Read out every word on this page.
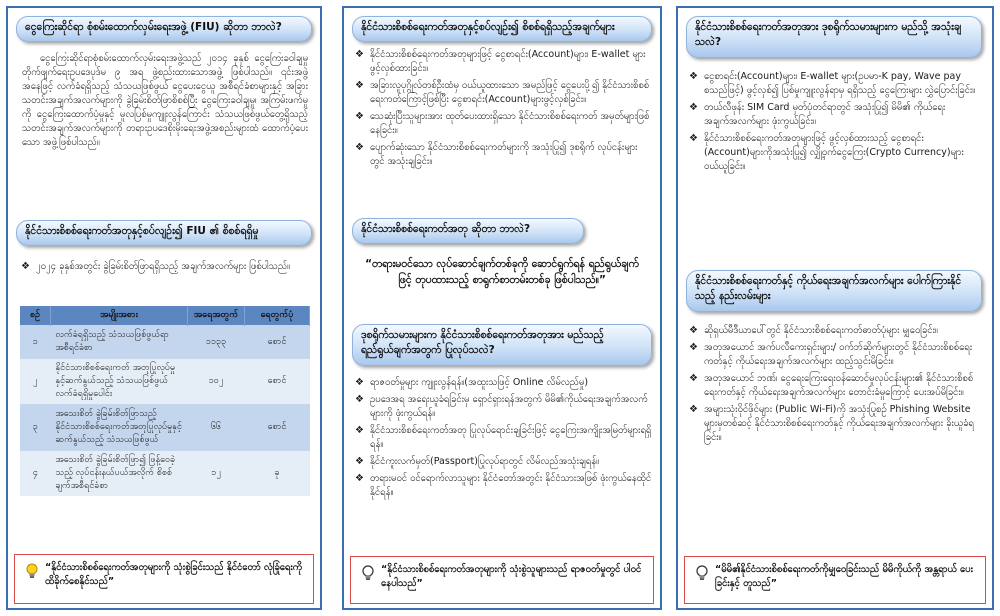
ငွေကြေးဆိုင်ရာ စုံစမ်းထောက်လှမ်းရေးအဖွဲ့ (FIU) ဆိုတာ ဘာလဲ?
ငွေကြေးဆိုင်ရာစုံစမ်းထောက်လှမ်းရေးအဖွဲ့သည် ၂၀၁၄ ခုနှစ် ငွေကြေးခဝါချမှုတိုက်ဖျက်ရေးဥပဒေပုဒ်မ ၉ အရ ဖွဲ့စည်းထားသောအဖွဲ့ ဖြစ်ပါသည်။ ၎င်းအဖွဲ့အနေဖြင့် လက်ခံရရှိသည့် သံသယဖြစ်ဖွယ် ငွေပေးငွေယူ အစီရင်ခံစာများနှင့် အခြားသတင်းအချက်အလက်များကို ခွဲခြမ်းစိတ်ဖြာစိစစ်ပြီး ငွေကြေးခဝါချမှု၊ အကြမ်းဖက်မှုကို ငွေကြေးထောက်ပံ့မှုနှင့် မူလပြစ်မှုကျူးလွန်ကြောင်း သံသယဖြစ်ဖွယ်တွေ့ရှိသည့် သတင်းအချက်အလက်များကို တရားဥပဒေစိုးမိုးရေးအဖွဲ့အစည်းများထံ ထောက်ပံ့ပေးသော အဖွဲ့ဖြစ်ပါသည်။
နိုင်ငံသားစိစစ်ရေးကတ်အတုနှင့်စပ်လျဉ်း၍ FIU ၏ စိစစ်ရရှိမှု
❖ ၂၀၂၄ ခုနှစ်အတွင်း ခွဲခြမ်းစိတ်ဖြာရရှိသည့် အချက်အလက်များ ဖြစ်ပါသည်။
စဉ်	အမျိုးအစား	အရေအတွက်	ရေတွက်ပုံ
၁	လက်ခံရရှိသည့် သံသယဖြစ်ဖွယ်ရာ အစီရင်ခံစာ	၁၁၃၃	စောင်
၂	နိုင်ငံသားစိစစ်ရေးကတ် အတုပြုလုပ်မှုနှင့်ဆက်နွယ်သည့် သံသယဖြစ်ဖွယ် လက်ခံရရှိမှုပေါင်း	၁၀၂	စောင်
၃	အသေးစိတ် ခွဲခြမ်းစိတ်ဖြာသည့် နိုင်ငံသားစိစစ်ရေးကတ်အတုပြုလုပ်မှုနှင့် ဆက်နွယ်သည့် သံသယဖြစ်ဖွယ်	၆၆	စောင်
၄	အသေးစိတ် ခွဲခြမ်းစိတ်ဖြာ၍ ဖြန့်ဝေခဲ့သည့် လုပ်ငန်းနယ်ပယ်အလိုက် စိစစ်ချက်အစီရင်ခံစာ	၁၂	ခု
“နိုင်ငံသားစိစစ်ရေးကတ်အတုများကို သုံးစွဲခြင်းသည် နိုင်ငံတော် လုံခြုံရေးကို ထိခိုက်စေနိုင်သည်”
နိုင်ငံသားစိစစ်ရေးကတ်အတုနှင့်စပ်လျဉ်း၍ စိစစ်ရရှိသည့်အချက်များ
❖ နိုင်ငံသားစိစစ်ရေးကတ်အတုများဖြင့် ငွေစာရင်း(Account)များ၊ E-wallet များ ဖွင့်လှစ်ထားခြင်း။
❖ အခြားလူပုဂ္ဂိုလ်တစ်ဦးထံမှ ဝယ်ယူထားသော အမည်ဖြင့် ငွေပေးပို့၍ နိုင်ငံသားစိစစ်ရေးကတ်ကြောင့်ဖြစ်ပြီး ငွေစာရင်း(Account)များဖွင့်လှစ်ခြင်း။
❖ သေဆုံးပြီးသူများအား ထုတ်ပေးထားရှိသော နိုင်ငံသားစိစစ်ရေးကတ် အမှတ်များဖြစ်နေခြင်း။
❖ ပျောက်ဆုံးသော နိုင်ငံသားစိစစ်ရေးကတ်များကို အသုံးပြု၍ ဒုစရိုက် လုပ်ငန်းများတွင် အသုံးချခြင်း။
နိုင်ငံသားစိစစ်ရေးကတ်အတု ဆိုတာ ဘာလဲ?
“တရားမဝင်သော လုပ်ဆောင်ချက်တစ်ခုကို ဆောင်ရွက်ရန် ရည်ရွယ်ချက်ဖြင့် တုပထားသည့် စာရွက်စာတမ်းတစ်ခု ဖြစ်ပါသည်။”
ဒုစရိုက်သမားများက နိုင်ငံသားစိစစ်ရေးကတ်အတုအား မည်သည့် ရည်ရွယ်ချက်အတွက် ပြုလုပ်သလဲ?
❖ ရာဇဝတ်မှုများ ကျူးလွန်ရန်။(အထူးသဖြင့် Online လိမ်လည်မှု)
❖ ဥပဒေအရ အရေးယူခံရခြင်းမှ ရှောင်ရှားရန်အတွက် မိမိ၏ကိုယ်ရေးအချက်အလက်များကို ဖုံးကွယ်ရန်။
❖ နိုင်ငံသားစိစစ်ရေးကတ်အတု ပြုလုပ်ရောင်းချခြင်းဖြင့် ငွေကြေးအကျိုးအမြတ်များရရှိရန်။
❖ နိုင်ငံကူးလက်မှတ်(Passport)ပြုလုပ်ရာတွင် လိမ်လည်အသုံးချရန်။
❖ တရားမဝင် ဝင်ရောက်လာသူများ နိုင်ငံတော်အတွင်း နိုင်ငံသားအဖြစ် ဖုံးကွယ်နေထိုင်နိုင်ရန်။
“နိုင်ငံသားစိစစ်ရေးကတ်အတုများကို သုံးစွဲသူများသည် ရာဇဝတ်မှုတွင် ပါဝင်နေပါသည်”
နိုင်ငံသားစိစစ်ရေးကတ်အတုအား ဒုစရိုက်သမားများက မည်သို့ အသုံးချသလဲ?
❖ ငွေစာရင်း(Account)များ၊ E-wallet များ(ဥပမာ-K pay, Wave pay စသည်ဖြင့်) ဖွင့်လှစ်၍ ပြစ်မှုကျူးလွန်ရာမှ ရရှိသည့် ငွေကြေးများ လွှဲပြောင်းခြင်း။
❖ တယ်လီဖုန်း SIM Card မှတ်ပုံတင်ရာတွင် အသုံးပြု၍ မိမိ၏ ကိုယ်ရေးအချက်အလက်များ ဖုံးကွယ်ခြင်း။
❖ နိုင်ငံသားစိစစ်ရေးကတ်အတုများဖြင့် ဖွင့်လှစ်ထားသည့် ငွေစာရင်း (Account)များကိုအသုံးပြု၍ လျှို့ဝှက်ငွေကြေး(Crypto Currency)များ ဝယ်ယူခြင်း။
နိုင်ငံသားစိစစ်ရေးကတ်နှင့် ကိုယ်ရေးအချက်အလက်များ ပေါက်ကြားနိုင်သည့် နည်းလမ်းများ
❖ ဆိုရှယ်မီဒီယာပေါ်တွင် နိုင်ငံသားစိစစ်ရေးကတ်ဓာတ်ပုံများ မျှဝေခြင်း။
❖ အတုအယောင် အက်ပလီကေးရှင်းများ/ ဝက်ဘ်ဆိုက်များတွင် နိုင်ငံသားစိစစ်ရေးကတ်နှင့် ကိုယ်ရေးအချက်အလက်များ ထည့်သွင်းမိခြင်း။
❖ အတုအယောင် ဘဏ်၊ ငွေရေးကြေးရေးဝန်ဆောင်မှုလုပ်ငန်းများ၏ နိုင်ငံသားစိစစ်ရေးကတ်နှင့် ကိုယ်ရေးအချက်အလက်များ တောင်းခံမှုကြောင့် ပေးအပ်မိခြင်း။
❖ အများသုံးဝိုင်ဖိုင်များ (Public Wi-Fi)ကို အသုံးပြုစဉ် Phishing Website များမှတစ်ဆင့် နိုင်ငံသားစိစစ်ရေးကတ်နှင့် ကိုယ်ရေးအချက်အလက်များ ခိုးယူခံရခြင်း။
“မိမိ၏နိုင်ငံသားစိစစ်ရေးကတ်ကိုမျှဝေခြင်းသည် မိမိကိုယ်ကို အန္တရာယ် ပေးခြင်းနှင့် တူသည်”
